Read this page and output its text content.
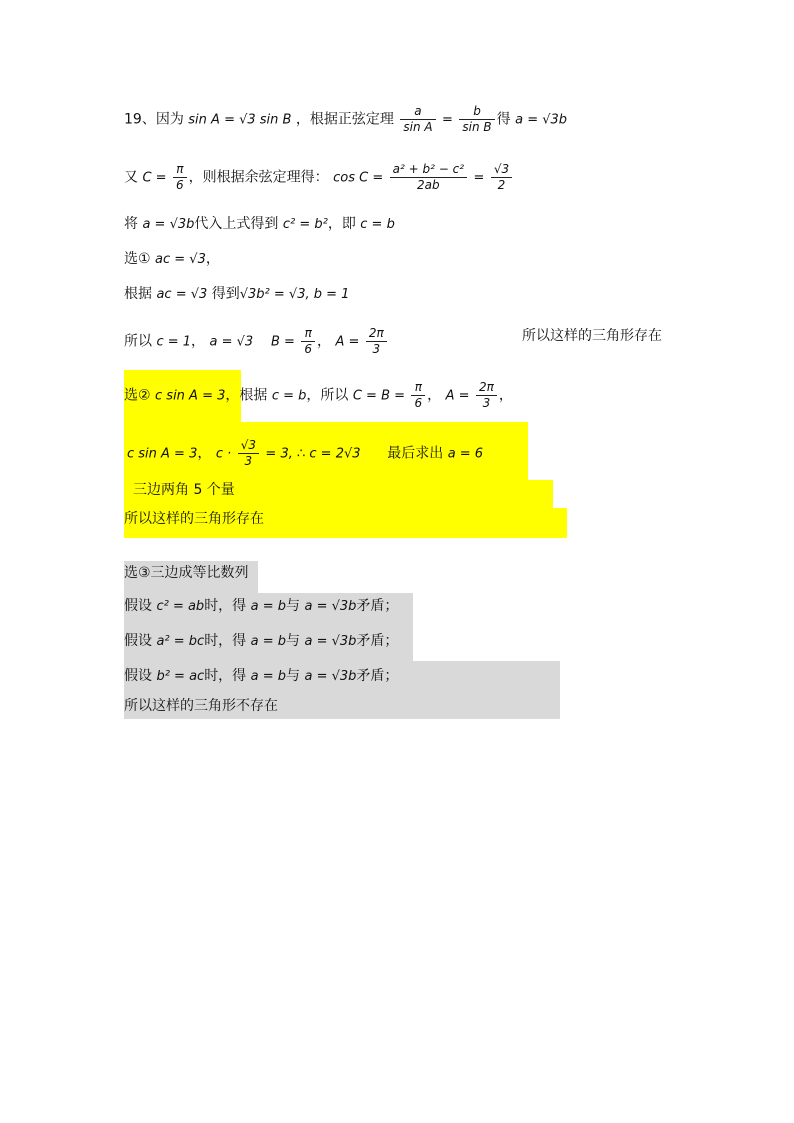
19、因为 sin A = √3 sin B ，根据正弦定理 $\frac{a}{\text{sin A}} = \frac{b}{\text{sin B}}$ 得 a = √3b
又 $C = \frac{\pi}{6}$ ，则根据余弦定理得： $\cos C = \frac{\text{a² + b² − c²}}{2ab} = \frac{√3}{2}$
将 a = √3b代入上式得到 c² = b²，即 c = b
选① ac = √3，
根据 ac = √3 得到√3b² = √3, b = 1
所以 c = 1， a = √3 $B = \frac{\pi}{6}$ ， $A = \frac{2\pi}{3}$	所以这样的三角形存在
选② c sin A = 3，根据 c = b，所以 $C = B = \frac{\pi}{6}$ ， $A = \frac{2\pi}{3}$ ，
c sin A = 3， $c \cdot \frac{√3}{3} = 3$, ∴ c = 2√3 最后求出 a = 6
三边两角 5 个量
所以这样的三角形存在
选③三边成等比数列
假设 c² = ab时，得 a = b与 a = √3b矛盾；
假设 a² = bc时，得 a = b与 a = √3b矛盾；
假设 b² = ac时，得 a = b与 a = √3b矛盾；
所以这样的三角形不存在
